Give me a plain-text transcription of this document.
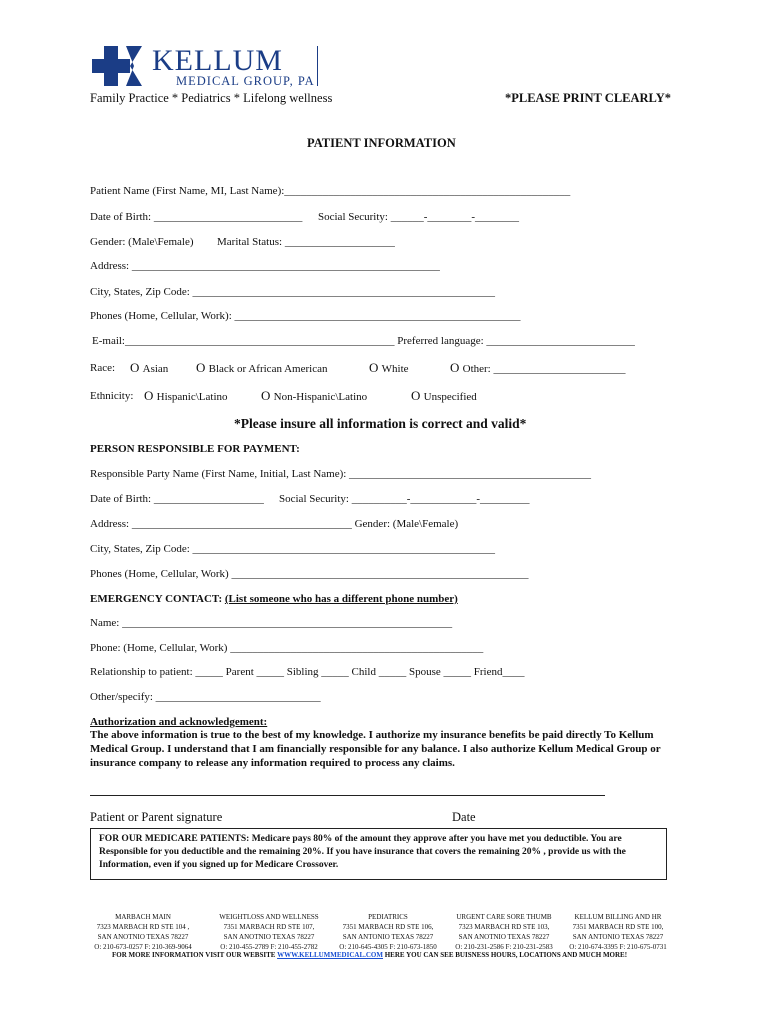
KELLUM
MEDICAL GROUP, PA
Family Practice * Pediatrics * Lifelong wellness	*PLEASE PRINT CLEARLY*
PATIENT INFORMATION
Patient Name (First Name, MI, Last Name):____________________________________________________
Date of Birth: ___________________________ Social Security: ______-________-________
Gender: (Male\Female) Marital Status: ____________________
Address: ________________________________________________________
City, States, Zip Code: _______________________________________________________
Phones (Home, Cellular, Work): ____________________________________________________
E-mail:_________________________________________________ Preferred language: ___________________________
Race: O Asian O Black or African American	O White	O Other: ________________________
Ethnicity: O Hispanic\Latino	O Non-Hispanic\Latino	O Unspecified
*Please insure all information is correct and valid*
PERSON RESPONSIBLE FOR PAYMENT:
Responsible Party Name (First Name, Initial, Last Name): ____________________________________________
Date of Birth: ____________________ Social Security: __________-____________-_________
Address: ________________________________________ Gender: (Male\Female)
City, States, Zip Code: _______________________________________________________
Phones (Home, Cellular, Work) ______________________________________________________
EMERGENCY CONTACT: (List someone who has a different phone number)
Name: ____________________________________________________________
Phone: (Home, Cellular, Work) ______________________________________________
Relationship to patient: _____ Parent _____ Sibling _____ Child _____ Spouse _____ Friend____
Other/specify: ______________________________
Authorization and acknowledgement:
The above information is true to the best of my knowledge. I authorize my insurance benefits be paid directly To Kellum
Medical Group. I understand that I am financially responsible for any balance. I also authorize Kellum Medical Group or
insurance company to release any information required to process any claims.
Patient or Parent signature	Date
FOR OUR MEDICARE PATIENTS: Medicare pays 80% of the amount they approve after you have met you deductible. You are
Responsible for you deductible and the remaining 20%. If you have insurance that covers the remaining 20% , provide us with the
Information, even if you signed up for Medicare Crossover.
MARBACH MAIN
7323 MARBACH RD STE 104 ,
SAN ANOTNIO TEXAS 78227
O: 210-673-0257 F: 210-369-9064
WEIGHTLOSS AND WELLNESS
7351 MARBACH RD STE 107,
SAN ANOTNIO TEXAS 78227
O: 210-455-2789 F: 210-455-2782
PEDIATRICS
7351 MARBACH RD STE 106,
SAN ANTONIO TEXAS 78227
O: 210-645-4305 F: 210-673-1850
URGENT CARE SORE THUMB
7323 MARBACH RD STE 103,
SAN ANOTNIO TEXAS 78227
O: 210-231-2586 F: 210-231-2583
KELLUM BILLING AND HR
7351 MARBACH RD STE 100,
SAN ANTONIO TEXAS 78227
O: 210-674-3395 F: 210-675-0731
FOR MORE INFORMATION VISIT OUR WEBSITE WWW.KELLUMMEDICAL.COM HERE YOU CAN SEE BUISNESS HOURS, LOCATIONS AND MUCH MORE!
